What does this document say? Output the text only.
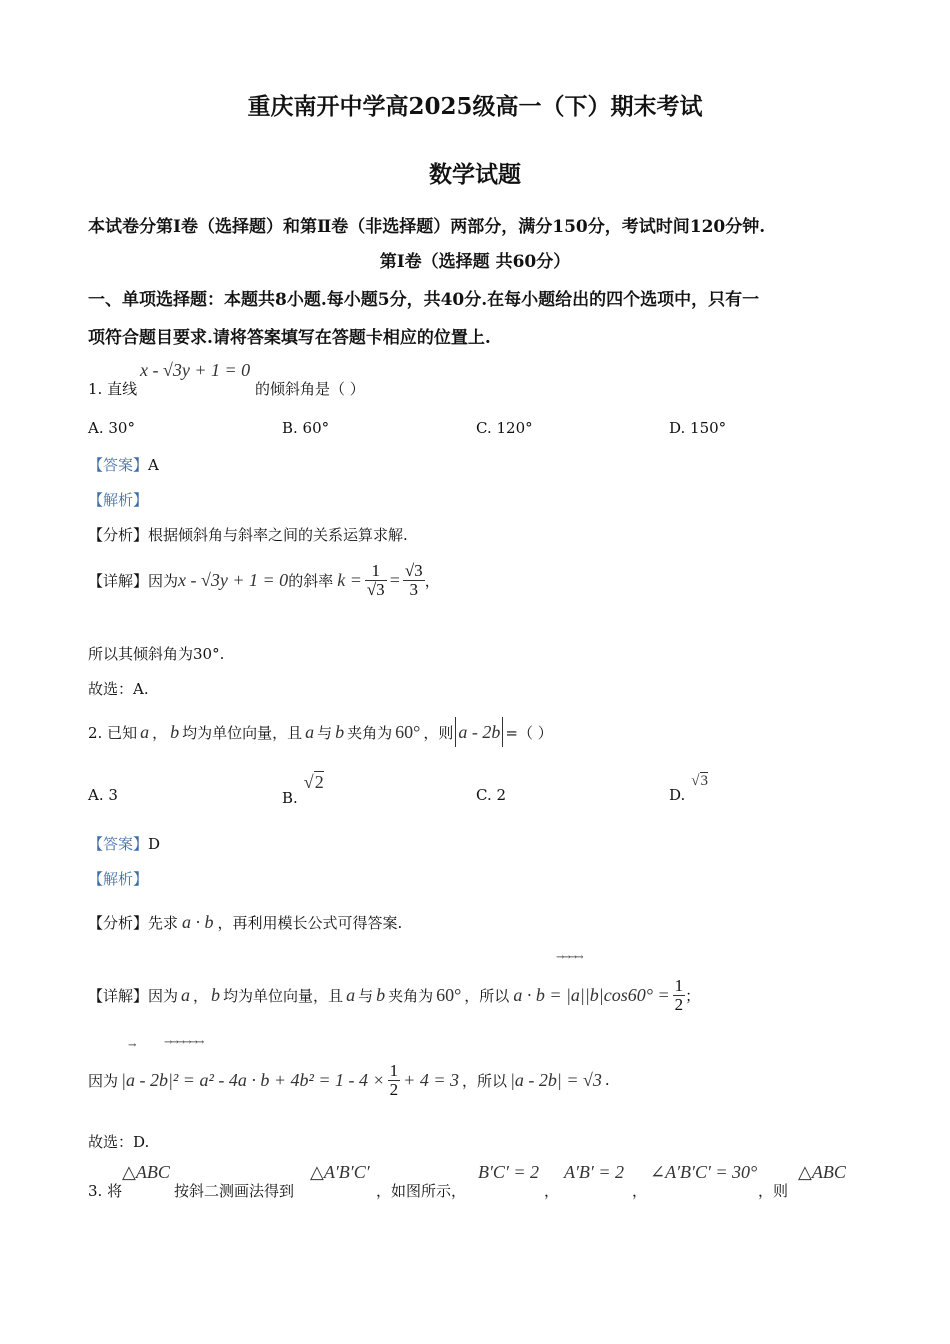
重庆南开中学高2025级高一（下）期末考试
数学试题
本试卷分第Ⅰ卷（选择题）和第Ⅱ卷（非选择题）两部分，满分150分，考试时间120分钟.
第Ⅰ卷（选择题 共60分）
一、单项选择题：本题共8小题.每小题5分，共40分.在每小题给出的四个选项中，只有一
项符合题目要求.请将答案填写在答题卡相应的位置上.
1. 直线
x - √3y + 1 = 0
的倾斜角是（ ）
A. 30°	B. 60°	C. 120°	D. 150°
【答案】A
【解析】
【分析】根据倾斜角与斜率之间的关系运算求解.
【详解】 因为 x - √3y + 1 = 0 的斜率 $k = \frac{1}{√3} = \frac{√3}{3}$ ，
所以其倾斜角为30°.
故选：A.
2. 已知 a ， b 均为单位向量，且 a 与 b 夹角为 60° ，则 a - 2b =（ ）
A. 3	B.
√2
C. 2	D.
√3
【答案】D
【解析】
【分析】 先求 a · b ，再利用模长公式可得答案.
→→→→
【详解】 因为 a ， b 均为单位向量，且 a 与 b 夹角为 60° ，所以 $a \cdot b = |a||b|\cos 60^\circ = \frac{1}{2}$ ；
→	→→→→→→
因为 $|a - 2b|^2 = a^2 - 4a \cdot b + 4b^2 = 1 - 4 \times \frac{1}{2} + 4 = 3$ ，所以 |a - 2b| = √3 .
故选：D.
3. 将
△ABC
按斜二测画法得到
△A′B′C′
，如图所示，
B′C′ = 2
，
A′B′ = 2
，
∠A′B′C′ = 30°
，则
△ABC
